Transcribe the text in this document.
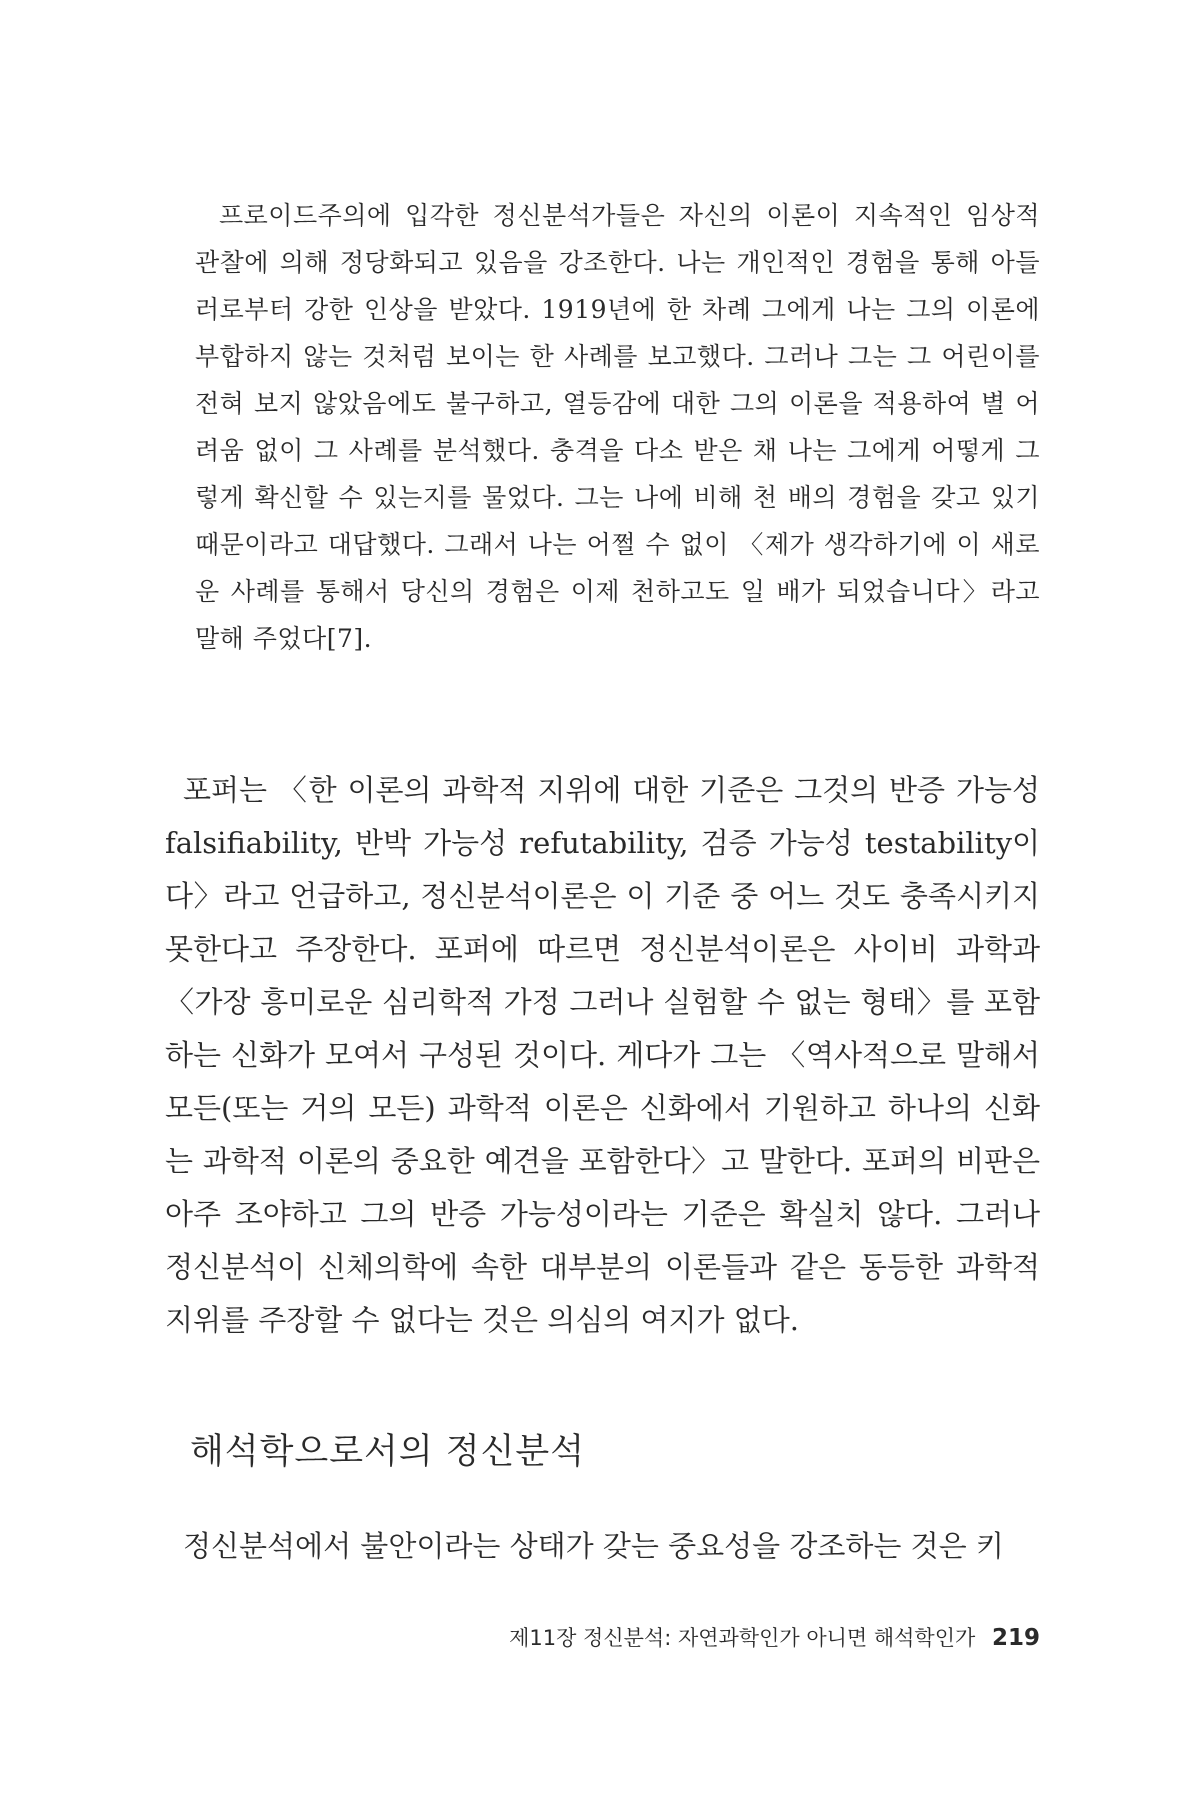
프로이드주의에 입각한 정신분석가들은 자신의 이론이 지속적인 임상적 관찰에 의해 정당화되고 있음을 강조한다. 나는 개인적인 경험을 통해 아들러로부터 강한 인상을 받았다. 1919년에 한 차례 그에게 나는 그의 이론에 부합하지 않는 것처럼 보이는 한 사례를 보고했다. 그러나 그는 그 어린이를 전혀 보지 않았음에도 불구하고, 열등감에 대한 그의 이론을 적용하여 별 어려움 없이 그 사례를 분석했다. 충격을 다소 받은 채 나는 그에게 어떻게 그렇게 확신할 수 있는지를 물었다. 그는 나에 비해 천 배의 경험을 갖고 있기 때문이라고 대답했다. 그래서 나는 어쩔 수 없이 〈제가 생각하기에 이 새로운 사례를 통해서 당신의 경험은 이제 천하고도 일 배가 되었습니다〉라고 말해 주었다[7].

포퍼는 〈한 이론의 과학적 지위에 대한 기준은 그것의 반증 가능성 falsifiability, 반박 가능성 refutability, 검증 가능성 testability이다〉라고 언급하고, 정신분석이론은 이 기준 중 어느 것도 충족시키지 못한다고 주장한다. 포퍼에 따르면 정신분석이론은 사이비 과학과 〈가장 흥미로운 심리학적 가정 그러나 실험할 수 없는 형태〉를 포함하는 신화가 모여서 구성된 것이다. 게다가 그는 〈역사적으로 말해서 모든(또는 거의 모든) 과학적 이론은 신화에서 기원하고 하나의 신화는 과학적 이론의 중요한 예견을 포함한다〉고 말한다. 포퍼의 비판은 아주 조야하고 그의 반증 가능성이라는 기준은 확실치 않다. 그러나 정신분석이 신체의학에 속한 대부분의 이론들과 같은 동등한 과학적 지위를 주장할 수 없다는 것은 의심의 여지가 없다.

해석학으로서의 정신분석

정신분석에서 불안이라는 상태가 갖는 중요성을 강조하는 것은 키

제11장 정신분석: 자연과학인가 아니면 해석학인가 219
